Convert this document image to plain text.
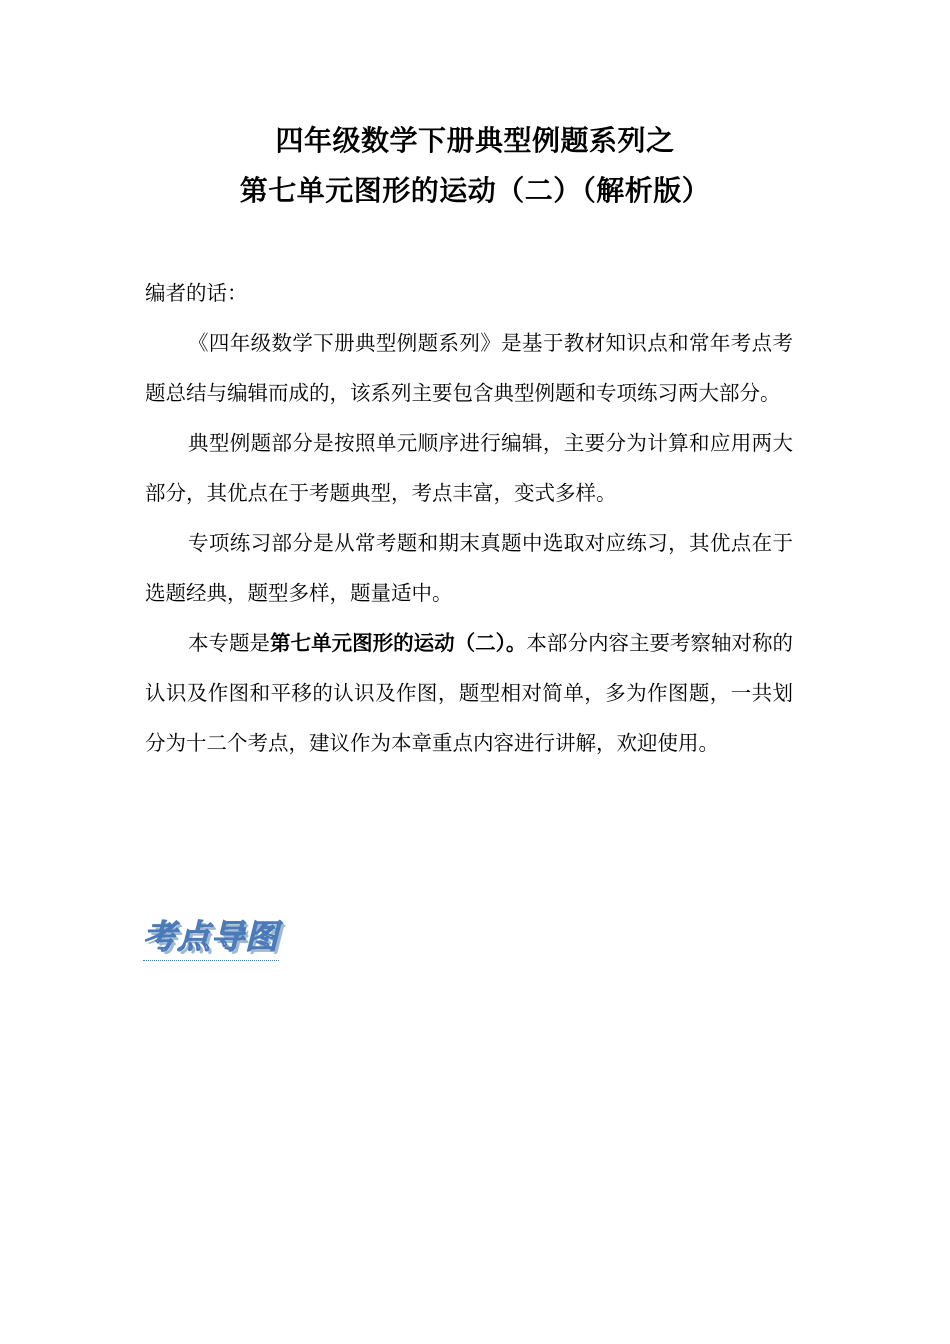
四年级数学下册典型例题系列之
第七单元图形的运动（二）（解析版）

编者的话：

《四年级数学下册典型例题系列》是基于教材知识点和常年考点考题总结与编辑而成的，该系列主要包含典型例题和专项练习两大部分。

典型例题部分是按照单元顺序进行编辑，主要分为计算和应用两大部分，其优点在于考题典型，考点丰富，变式多样。

专项练习部分是从常考题和期末真题中选取对应练习，其优点在于选题经典，题型多样，题量适中。

本专题是第七单元图形的运动（二）。本部分内容主要考察轴对称的认识及作图和平移的认识及作图，题型相对简单，多为作图题，一共划分为十二个考点，建议作为本章重点内容进行讲解，欢迎使用。

考点导图
